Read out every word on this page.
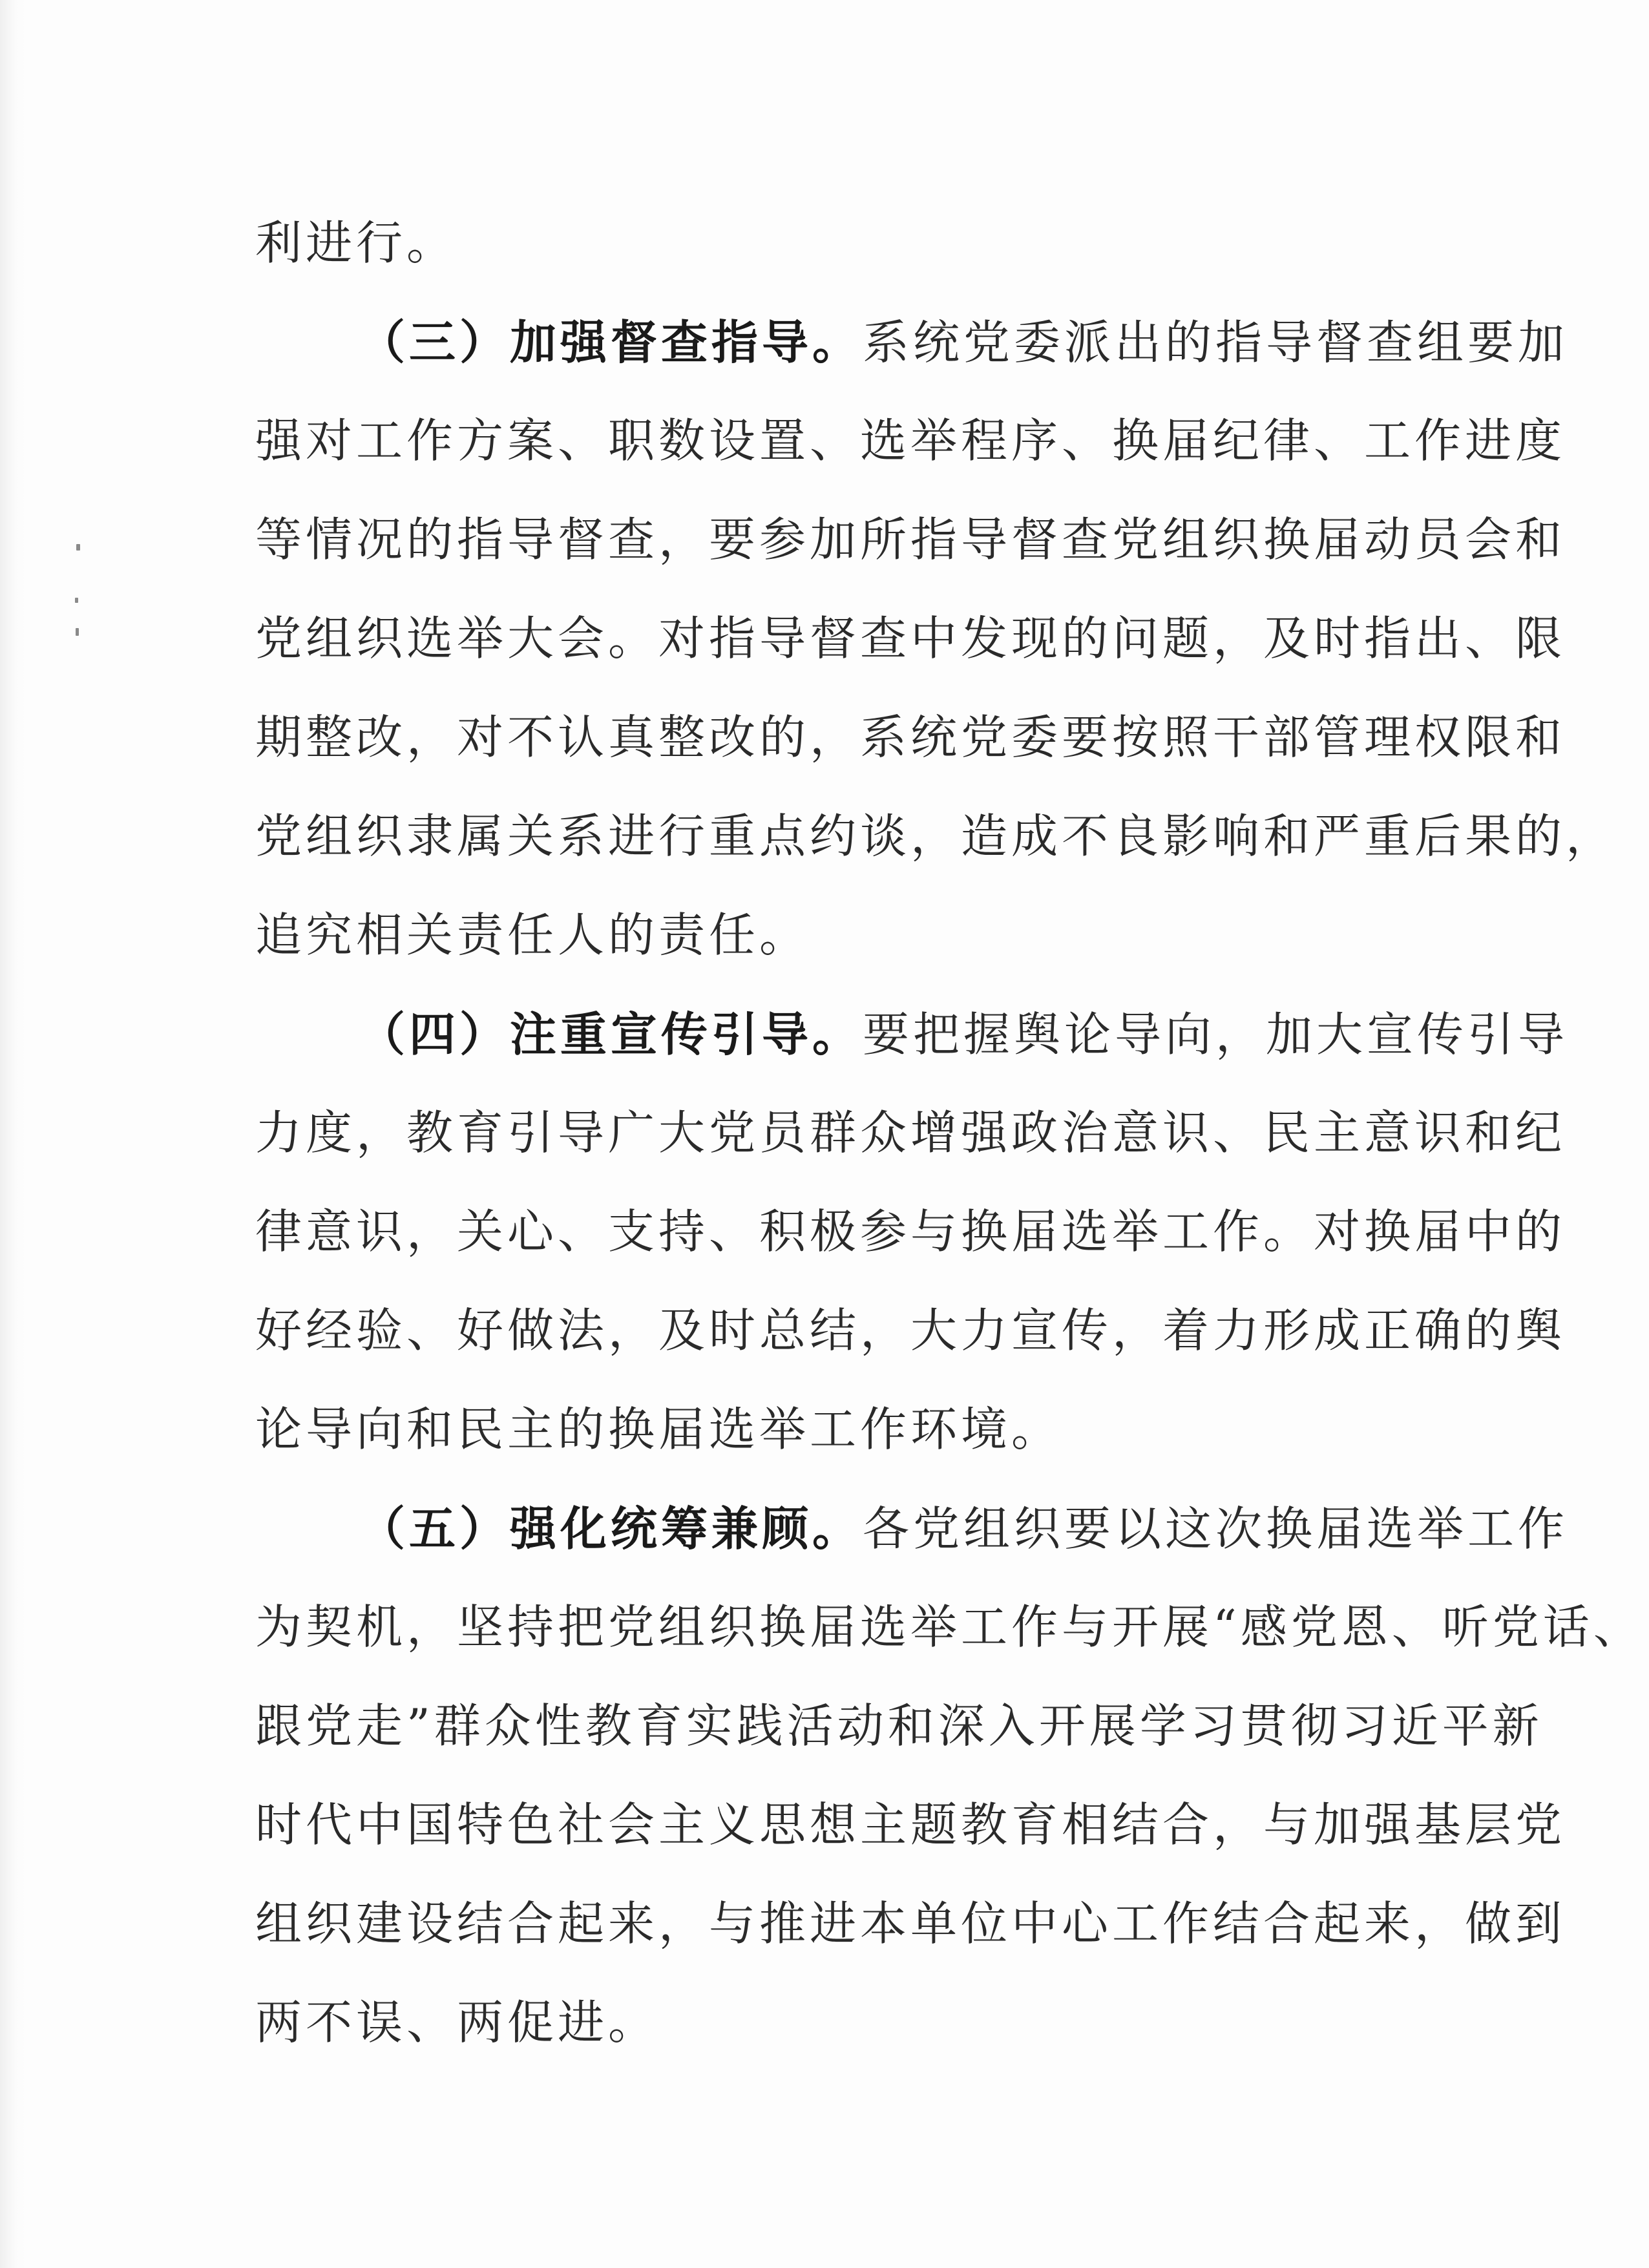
利进行。
（三）加强督查指导。系统党委派出的指导督查组要加
强对工作方案、职数设置、选举程序、换届纪律、工作进度
等情况的指导督查，要参加所指导督查党组织换届动员会和
党组织选举大会。对指导督查中发现的问题，及时指出、限
期整改，对不认真整改的，系统党委要按照干部管理权限和
党组织隶属关系进行重点约谈，造成不良影响和严重后果的，
追究相关责任人的责任。
（四）注重宣传引导。要把握舆论导向，加大宣传引导
力度，教育引导广大党员群众增强政治意识、民主意识和纪
律意识，关心、支持、积极参与换届选举工作。对换届中的
好经验、好做法，及时总结，大力宣传，着力形成正确的舆
论导向和民主的换届选举工作环境。
（五）强化统筹兼顾。各党组织要以这次换届选举工作
为契机，坚持把党组织换届选举工作与开展“感党恩、听党话、
跟党走”群众性教育实践活动和深入开展学习贯彻习近平新
时代中国特色社会主义思想主题教育相结合，与加强基层党
组织建设结合起来，与推进本单位中心工作结合起来，做到
两不误、两促进。
